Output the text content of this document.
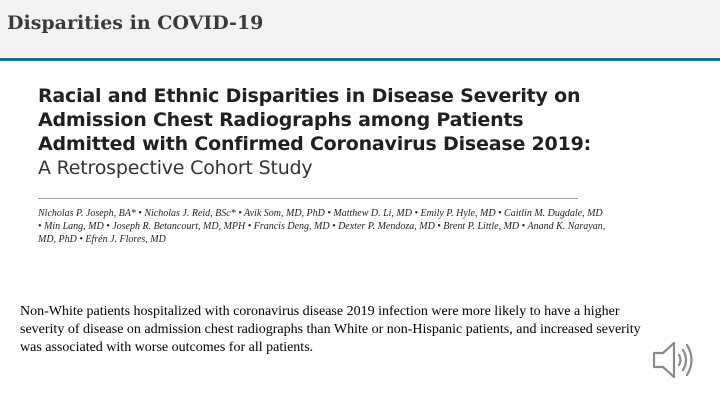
Disparities in COVID-19
Racial and Ethnic Disparities in Disease Severity on Admission Chest Radiographs among Patients Admitted with Confirmed Coronavirus Disease 2019: A Retrospective Cohort Study
Nicholas P. Joseph, BA* • Nicholas J. Reid, BSc* • Avik Som, MD, PhD • Matthew D. Li, MD • Emily P. Hyle, MD • Caitlin M. Dugdale, MD • Min Lang, MD • Joseph R. Betancourt, MD, MPH • Francis Deng, MD • Dexter P. Mendoza, MD • Brent P. Little, MD • Anand K. Narayan, MD, PhD • Efrén J. Flores, MD
Non-White patients hospitalized with coronavirus disease 2019 infection were more likely to have a higher severity of disease on admission chest radiographs than White or non-Hispanic patients, and increased severity was associated with worse outcomes for all patients.
